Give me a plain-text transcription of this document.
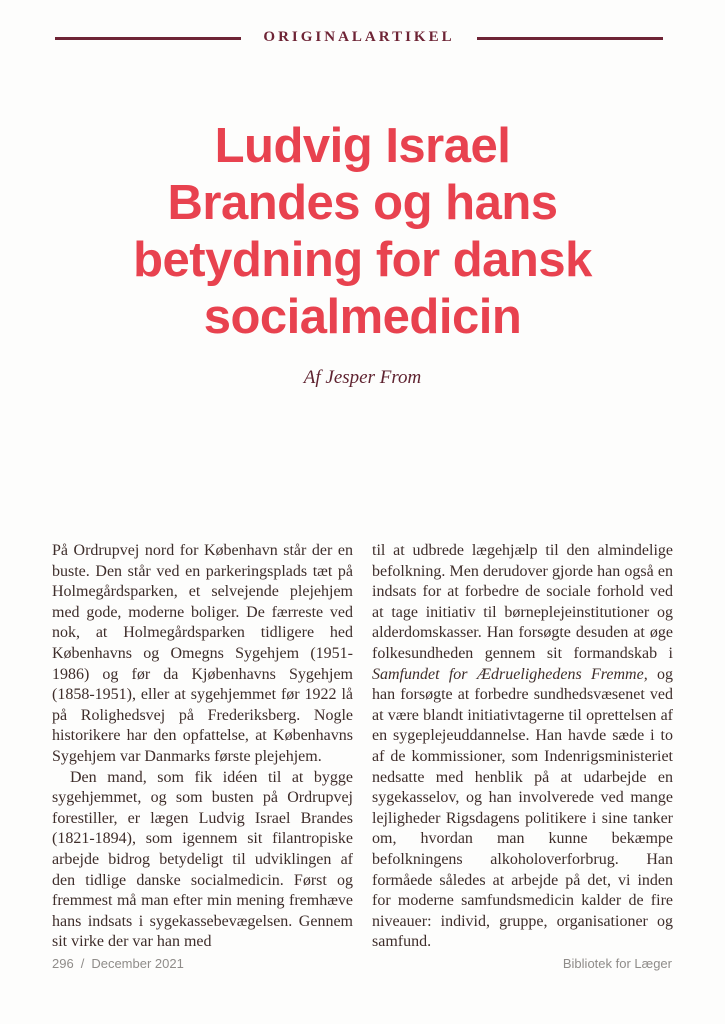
ORIGINALARTIKEL
Ludvig Israel
Brandes og hans
betydning for dansk
socialmedicin
Af Jesper From

På Ordrupvej nord for København står der en buste. Den står ved en parkeringsplads tæt på Holmegårdsparken, et selvejende plejehjem med gode, moderne boliger. De færreste ved nok, at Holmegårdsparken tidligere hed Københavns og Omegns Sygehjem (1951-1986) og før da Kjøbenhavns Sygehjem (1858-1951), eller at sygehjemmet før 1922 lå på Rolighedsvej på Frederiksberg. Nogle historikere har den opfattelse, at Københavns Sygehjem var Danmarks første plejehjem.

Den mand, som fik idéen til at bygge sygehjemmet, og som busten på Ordrupvej forestiller, er lægen Ludvig Israel Brandes (1821-1894), som igennem sit filantropiske arbejde bidrog betydeligt til udviklingen af den tidlige danske socialmedicin. Først og fremmest må man efter min mening fremhæve hans indsats i sygekassebevægelsen. Gennem sit virke der var han med

til at udbrede lægehjælp til den almindelige befolkning. Men derudover gjorde han også en indsats for at forbedre de sociale forhold ved at tage initiativ til børneplejeinstitutioner og alderdomskasser. Han forsøgte desuden at øge folkesundheden gennem sit formandskab i Samfundet for Ædruelighedens Fremme, og han forsøgte at forbedre sundhedsvæsenet ved at være blandt initiativtagerne til oprettelsen af en sygeplejeuddannelse. Han havde sæde i to af de kommissioner, som Indenrigsministeriet nedsatte med henblik på at udarbejde en sygekasselov, og han involverede ved mange lejligheder Rigsdagens politikere i sine tanker om, hvordan man kunne bekæmpe befolkningens alkoholoverforbrug. Han formåede således at arbejde på det, vi inden for moderne samfundsmedicin kalder de fire niveauer: individ, gruppe, organisationer og samfund.

296 / December 2021	Bibliotek for Læger
